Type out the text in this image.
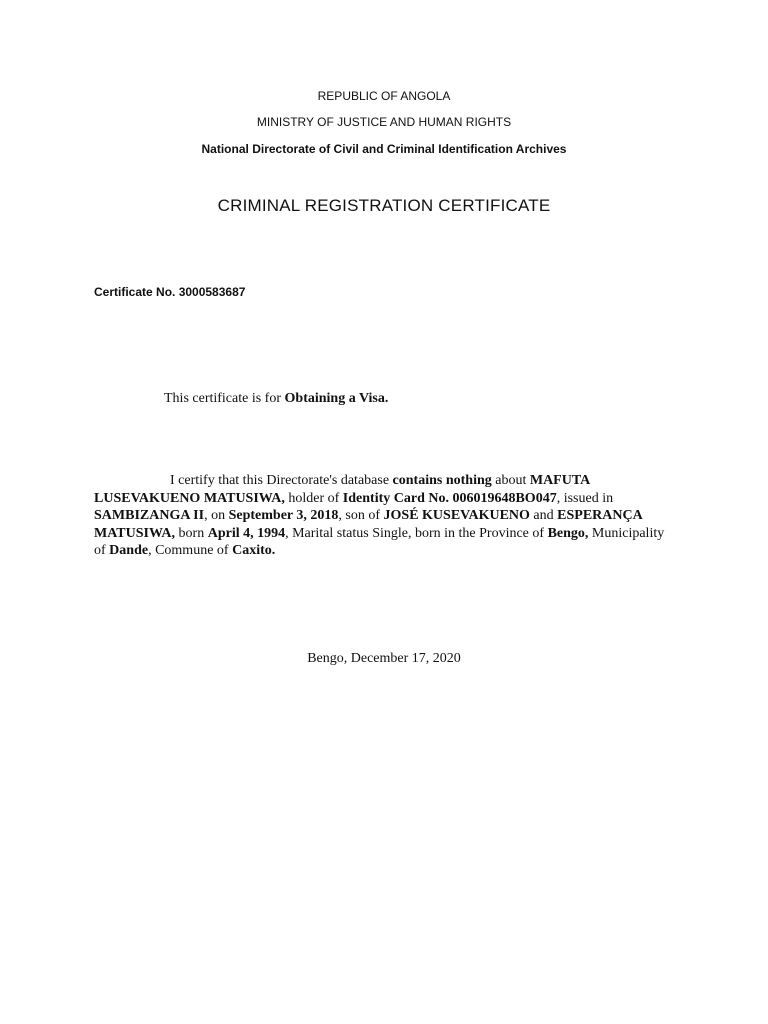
REPUBLIC OF ANGOLA

MINISTRY OF JUSTICE AND HUMAN RIGHTS

National Directorate of Civil and Criminal Identification Archives

CRIMINAL REGISTRATION CERTIFICATE
Certificate No. 3000583687
This certificate is for Obtaining a Visa.

I certify that this Directorate's database contains nothing about MAFUTA LUSEVAKUENO MATUSIWA, holder of Identity Card No. 006019648BO047, issued in SAMBIZANGA II, on September 3, 2018, son of JOSÉ KUSEVAKUENO and ESPERANÇA MATUSIWA, born April 4, 1994, Marital status Single, born in the Province of Bengo, Municipality of Dande, Commune of Caxito.

Bengo, December 17, 2020
